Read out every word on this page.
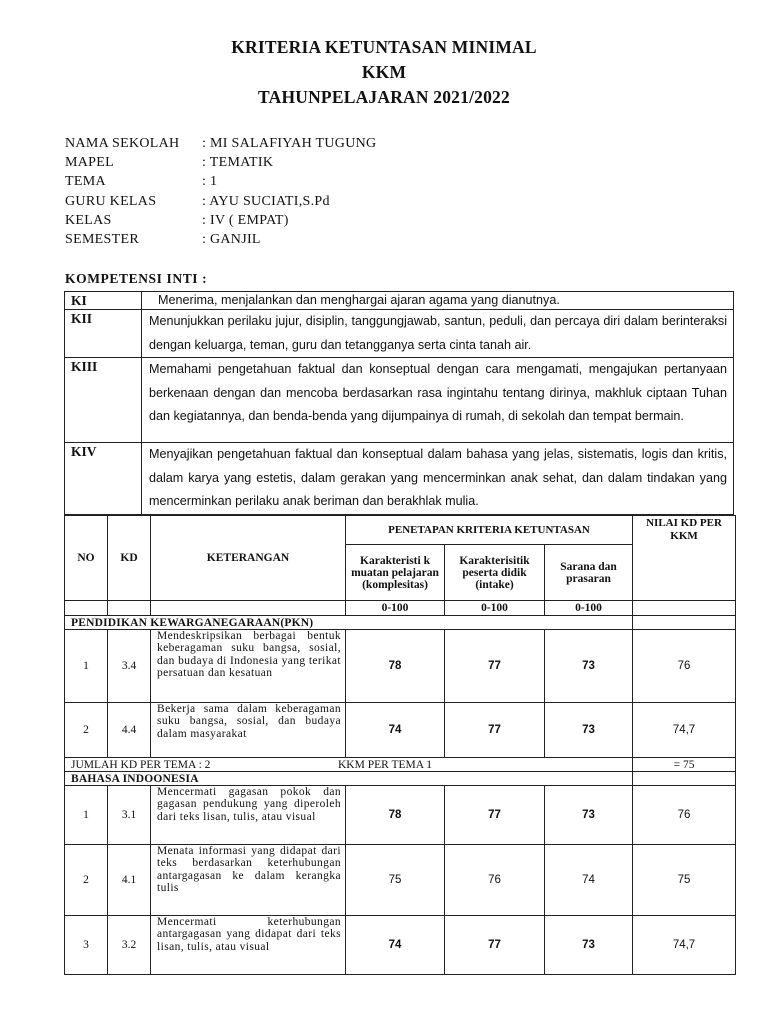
KRITERIA KETUNTASAN MINIMAL
KKM
TAHUNPELAJARAN 2021/2022
NAMA SEKOLAH	: MI SALAFIYAH TUGUNG
MAPEL	: TEMATIK
TEMA	: 1
GURU KELAS	: AYU SUCIATI,S.Pd
KELAS	: IV ( EMPAT)
SEMESTER	: GANJIL
KOMPETENSI INTI :
KI	Menerima, menjalankan dan menghargai ajaran agama yang dianutnya.
KII	Menunjukkan perilaku jujur, disiplin, tanggungjawab, santun, peduli, dan percaya diri dalam berinteraksi dengan keluarga, teman, guru dan tetangganya serta cinta tanah air.
KIII	Memahami pengetahuan faktual dan konseptual dengan cara mengamati, mengajukan pertanyaan berkenaan dengan dan mencoba berdasarkan rasa ingintahu tentang dirinya, makhluk ciptaan Tuhan dan kegiatannya, dan benda-benda yang dijumpainya di rumah, di sekolah dan tempat bermain.
KIV	Menyajikan pengetahuan faktual dan konseptual dalam bahasa yang jelas, sistematis, logis dan kritis, dalam karya yang estetis, dalam gerakan yang mencerminkan anak sehat, dan dalam tindakan yang mencerminkan perilaku anak beriman dan berakhlak mulia.
NO	KD	KETERANGAN	PENETAPAN KRITERIA KETUNTASAN			NILAI KD PER KKM
			Karakteristi k muatan pelajaran (komplesitas)	Karakterisitik peserta didik (intake)	Sarana dan prasaran	
			0-100	0-100	0-100	
PENDIDIKAN KEWARGANEGARAAN(PKN)						
1	3.4	Mendeskripsikan berbagai bentuk keberagaman suku bangsa, sosial, dan budaya di Indonesia yang terikat persatuan dan kesatuan	78	77	73	76
2	4.4	Bekerja sama dalam keberagaman suku bangsa, sosial, dan budaya dalam masyarakat	74	77	73	74,7
JUMLAH KD PER TEMA : 2 KKM PER TEMA 1						= 75
BAHASA INDOONESIA						
1	3.1	Mencermati gagasan pokok dan gagasan pendukung yang diperoleh dari teks lisan, tulis, atau visual	78	77	73	76
2	4.1	Menata informasi yang didapat dari teks berdasarkan keterhubungan antargagasan ke dalam kerangka tulis	75	76	74	75
3	3.2	Mencermati keterhubungan antargagasan yang didapat dari teks lisan, tulis, atau visual	74	77	73	74,7
